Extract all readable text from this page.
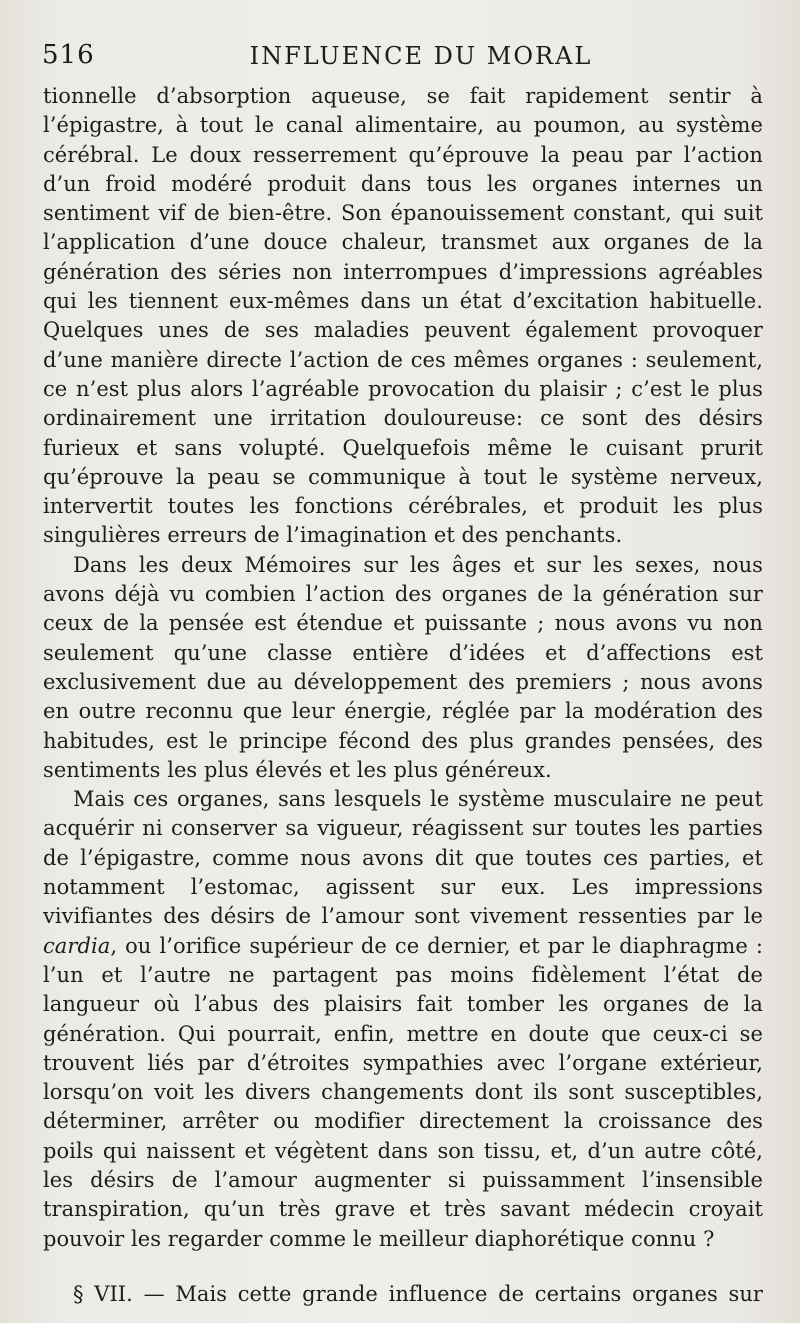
516	INFLUENCE DU MORAL

tionnelle d’absorption aqueuse, se fait rapidement sentir à l’épigastre, à tout le canal alimentaire, au poumon, au système cérébral. Le doux resserrement qu’éprouve la peau par l’action d’un froid modéré produit dans tous les organes internes un sentiment vif de bien-être. Son épanouissement constant, qui suit l’application d’une douce chaleur, transmet aux organes de la génération des séries non interrompues d’impressions agréables qui les tiennent eux-mêmes dans un état d’excitation habituelle. Quelques unes de ses maladies peuvent également provoquer d’une manière directe l’action de ces mêmes organes : seulement, ce n’est plus alors l’agréable provocation du plaisir ; c’est le plus ordinairement une irritation douloureuse: ce sont des désirs furieux et sans volupté. Quelquefois même le cuisant prurit qu’éprouve la peau se communique à tout le système nerveux, intervertit toutes les fonctions cérébrales, et produit les plus singulières erreurs de l’imagination et des penchants.

Dans les deux Mémoires sur les âges et sur les sexes, nous avons déjà vu combien l’action des organes de la génération sur ceux de la pensée est étendue et puissante ; nous avons vu non seulement qu’une classe entière d’idées et d’affections est exclusivement due au développement des premiers ; nous avons en outre reconnu que leur énergie, réglée par la modération des habitudes, est le principe fécond des plus grandes pensées, des sentiments les plus élevés et les plus généreux.

Mais ces organes, sans lesquels le système musculaire ne peut acquérir ni conserver sa vigueur, réagissent sur toutes les parties de l’épigastre, comme nous avons dit que toutes ces parties, et notamment l’estomac, agissent sur eux. Les impressions vivifiantes des désirs de l’amour sont vivement ressenties par le cardia, ou l’orifice supérieur de ce dernier, et par le diaphragme : l’un et l’autre ne partagent pas moins fidèlement l’état de langueur où l’abus des plaisirs fait tomber les organes de la génération. Qui pourrait, enfin, mettre en doute que ceux-ci se trouvent liés par d’étroites sympathies avec l’organe extérieur, lorsqu’on voit les divers changements dont ils sont susceptibles, déterminer, arrêter ou modifier directement la croissance des poils qui naissent et végètent dans son tissu, et, d’un autre côté, les désirs de l’amour augmenter si puissamment l’insensible transpiration, qu’un très grave et très savant médecin croyait pouvoir les regarder comme le meilleur diaphorétique connu ?

§ VII. — Mais cette grande influence de certains organes sur
